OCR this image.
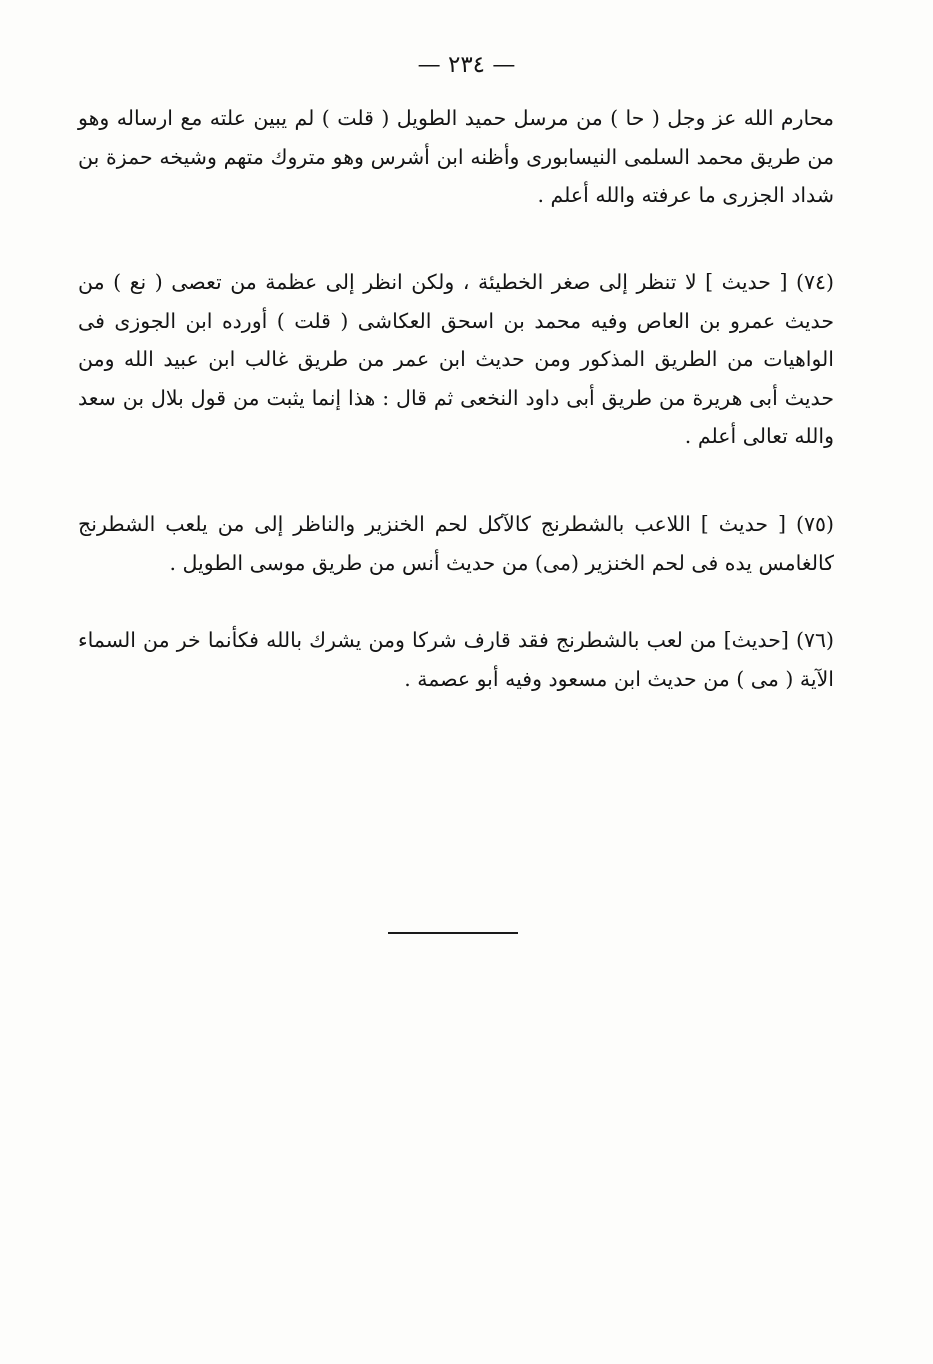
— ٢٣٤ —

محارم الله عز وجل ( حا ) من مرسل حميد الطويل ( قلت ) لم يبين علته مع ارساله وهو من طريق محمد السلمى النيسابورى وأظنه ابن أشرس وهو متروك متهم وشيخه حمزة بن شداد الجزرى ما عرفته والله أعلم .

(٧٤) [ حديث ] لا تنظر إلى صغر الخطيئة ، ولكن انظر إلى عظمة من تعصى ( نع ) من حديث عمرو بن العاص وفيه محمد بن اسحق العكاشى ( قلت ) أورده ابن الجوزى فى الواهيات من الطريق المذكور ومن حديث ابن عمر من طريق غالب ابن عبيد الله ومن حديث أبى هريرة من طريق أبى داود النخعى ثم قال : هذا إنما يثبت من قول بلال بن سعد والله تعالى أعلم .

(٧٥) [ حديث ] اللاعب بالشطرنج كالآكل لحم الخنزير والناظر إلى من يلعب الشطرنج كالغامس يده فى لحم الخنزير (مى) من حديث أنس من طريق موسى الطويل .

(٧٦) [حديث] من لعب بالشطرنج فقد قارف شركا ومن يشرك بالله فكأنما خر من السماء الآية ( مى ) من حديث ابن مسعود وفيه أبو عصمة .
